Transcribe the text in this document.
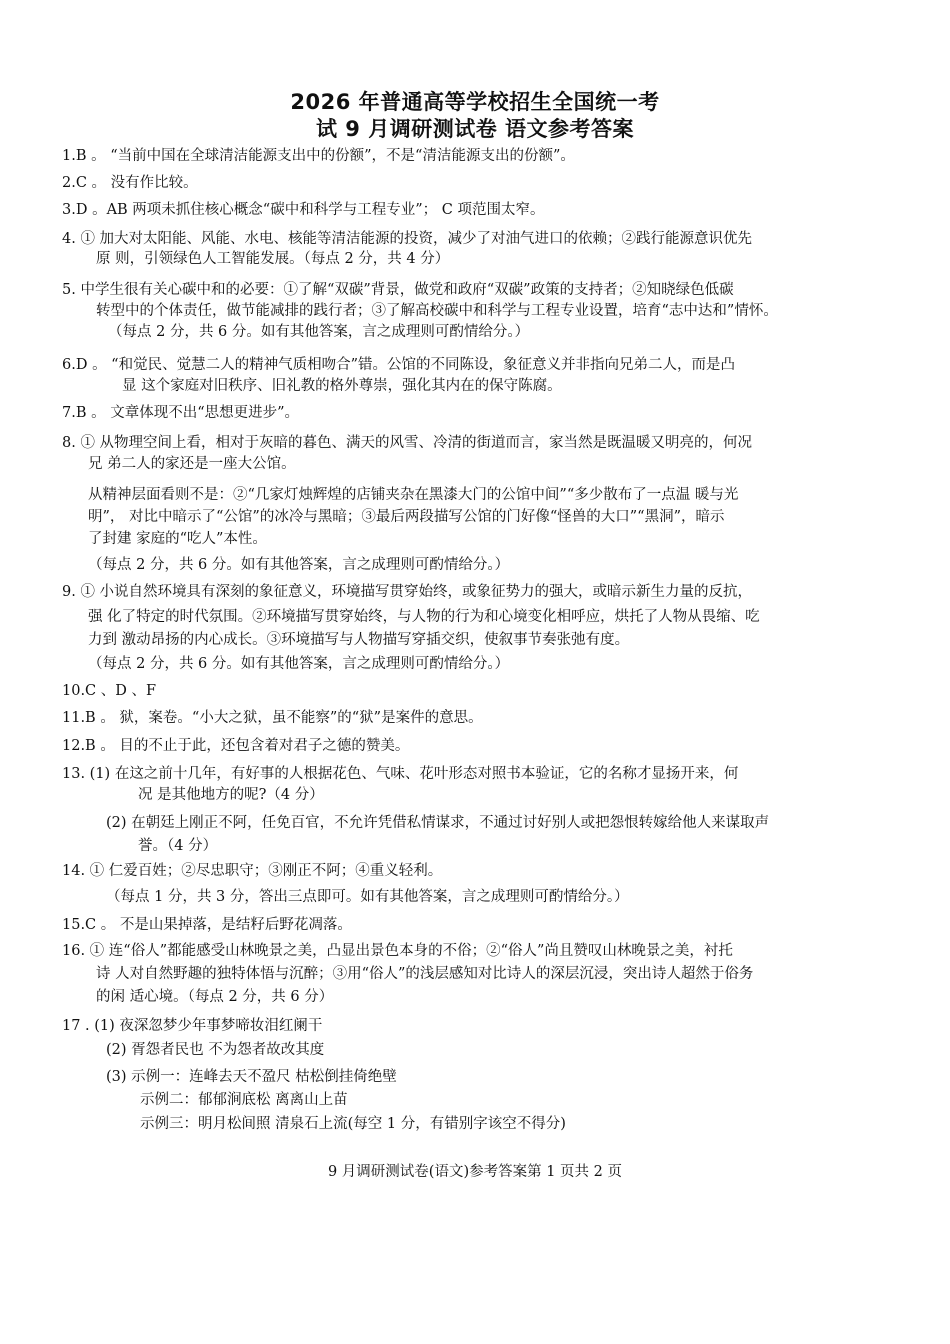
2026 年普通高等学校招生全国统一考
试 9 月调研测试卷 语文参考答案
1.B 。 “当前中国在全球清洁能源支出中的份额”，不是“清洁能源支出的份额”。
2.C 。 没有作比较。
3.D 。AB 两项未抓住核心概念“碳中和科学与工程专业”； C 项范围太窄。
4. ① 加大对太阳能、风能、水电、核能等清洁能源的投资，减少了对油气进口的依赖；②践行能源意识优先
原 则，引领绿色人工智能发展。（每点 2 分，共 4 分）
5. 中学生很有关心碳中和的必要：①了解“双碳”背景，做党和政府“双碳”政策的支持者；②知晓绿色低碳
转型中的个体责任，做节能减排的践行者；③了解高校碳中和科学与工程专业设置，培育“志中达和”情怀。
（每点 2 分，共 6 分。如有其他答案，言之成理则可酌情给分。）
6.D 。 “和觉民、觉慧二人的精神气质相吻合”错。公馆的不同陈设，象征意义并非指向兄弟二人，而是凸
显 这个家庭对旧秩序、旧礼教的格外尊崇，强化其内在的保守陈腐。
7.B 。 文章体现不出“思想更进步”。
8. ① 从物理空间上看，相对于灰暗的暮色、满天的风雪、冷清的街道而言，家当然是既温暖又明亮的，何况
兄 弟二人的家还是一座大公馆。
从精神层面看则不是：②“几家灯烛辉煌的店铺夹杂在黑漆大门的公馆中间”“多少散布了一点温 暖与光
明”， 对比中暗示了“公馆”的冰冷与黑暗；③最后两段描写公馆的门好像“怪兽的大口”“黑洞”，暗示
了封建 家庭的“吃人”本性。
（每点 2 分，共 6 分。如有其他答案，言之成理则可酌情给分。）
9. ① 小说自然环境具有深刻的象征意义，环境描写贯穿始终，或象征势力的强大，或暗示新生力量的反抗，
强 化了特定的时代氛围。②环境描写贯穿始终，与人物的行为和心境变化相呼应，烘托了人物从畏缩、吃
力到 激动昂扬的内心成长。③环境描写与人物描写穿插交织，使叙事节奏张弛有度。
（每点 2 分，共 6 分。如有其他答案，言之成理则可酌情给分。）
10.C 、D 、F
11.B 。 狱，案卷。“小大之狱，虽不能察”的“狱”是案件的意思。
12.B 。 目的不止于此，还包含着对君子之德的赞美。
13. (1) 在这之前十几年，有好事的人根据花色、气味、花叶形态对照书本验证，它的名称才显扬开来，何
况 是其他地方的呢?（4 分）
(2) 在朝廷上刚正不阿，任免百官，不允许凭借私情谋求，不通过讨好别人或把怨恨转嫁给他人来谋取声
誉。（4 分）
14. ① 仁爱百姓；②尽忠职守；③刚正不阿；④重义轻利。
（每点 1 分，共 3 分，答出三点即可。如有其他答案，言之成理则可酌情给分。）
15.C 。 不是山果掉落，是结籽后野花凋落。
16. ① 连“俗人”都能感受山林晚景之美，凸显出景色本身的不俗；②“俗人”尚且赞叹山林晚景之美，衬托
诗 人对自然野趣的独特体悟与沉醉；③用“俗人”的浅层感知对比诗人的深层沉浸，突出诗人超然于俗务
的闲 适心境。（每点 2 分，共 6 分）
17 . (1) 夜深忽梦少年事梦啼妆泪红阑干
(2) 胥怨者民也 不为怨者故改其度
(3) 示例一：连峰去天不盈尺 枯松倒挂倚绝壁
示例二：郁郁涧底松 离离山上苗
示例三：明月松间照 清泉石上流(每空 1 分，有错别字该空不得分)
9 月调研测试卷(语文)参考答案第 1 页共 2 页
